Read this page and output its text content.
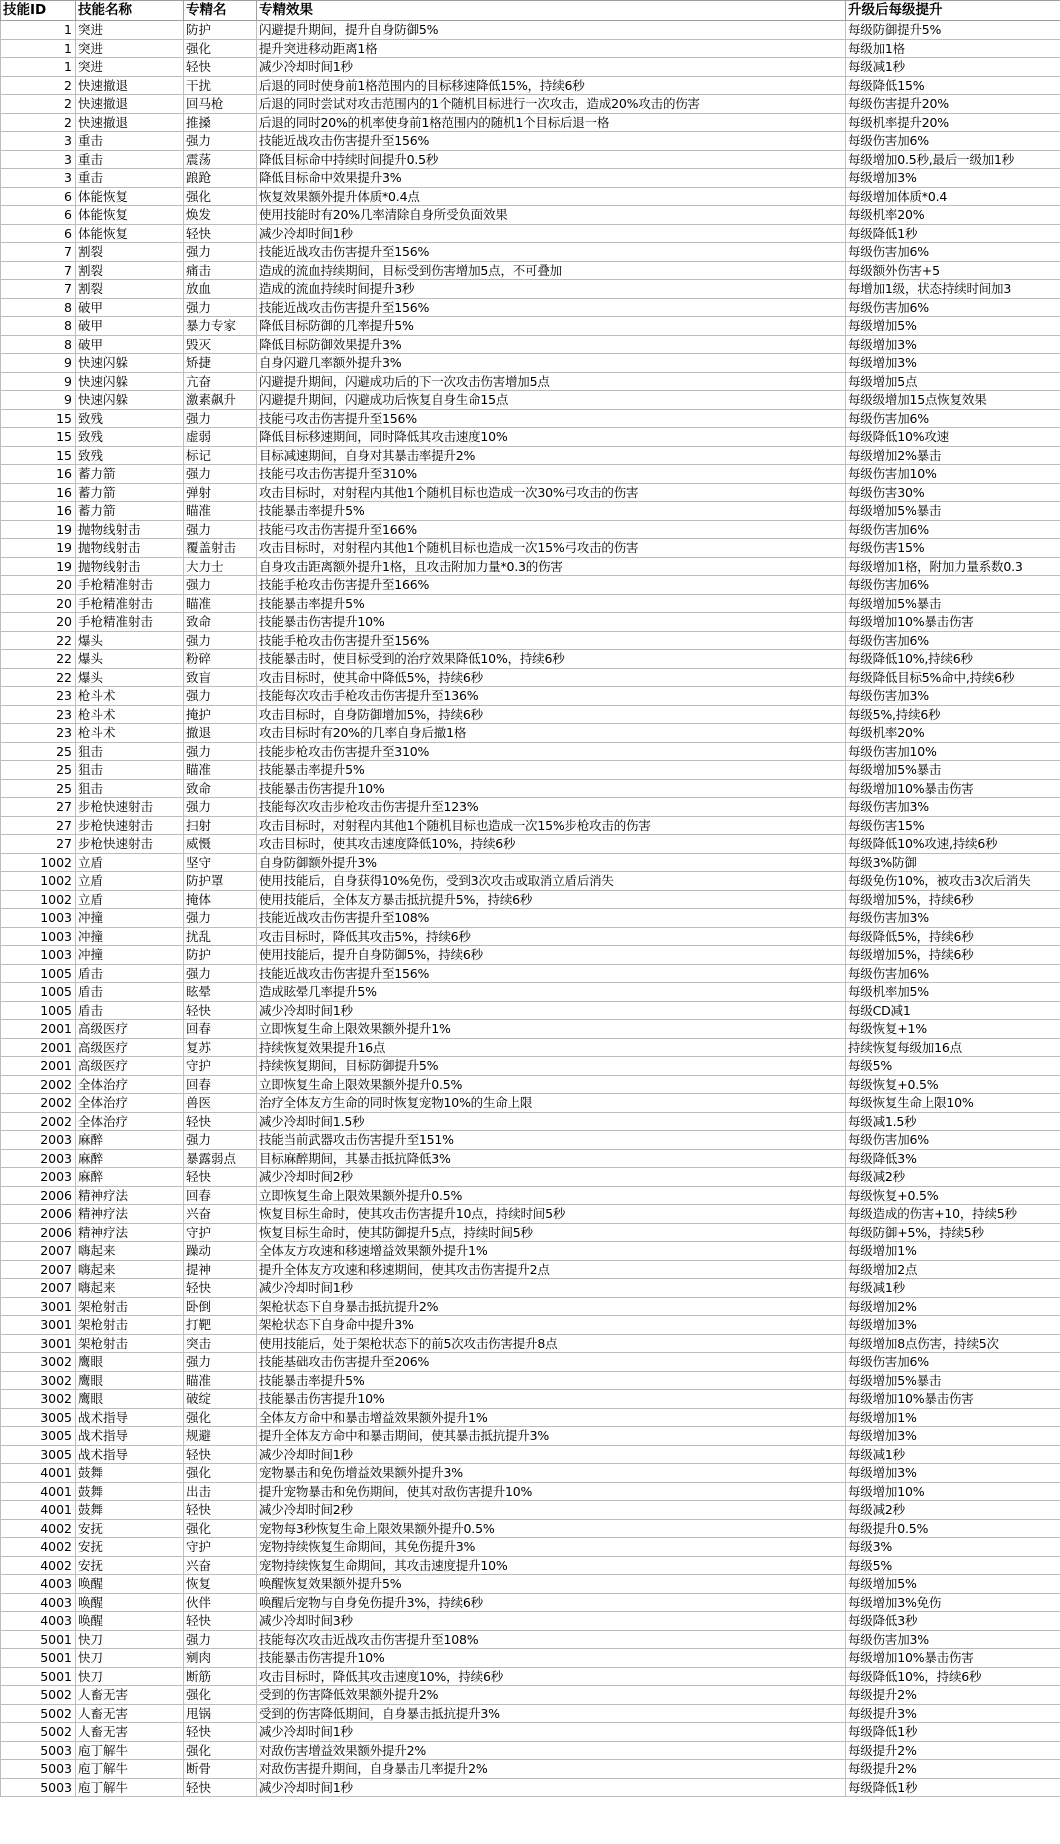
技能ID	技能名称	专精名	专精效果	升级后每级提升
1	突进	防护	闪避提升期间，提升自身防御5%	每级防御提升5%
1	突进	强化	提升突进移动距离1格	每级加1格
1	突进	轻快	减少冷却时间1秒	每级减1秒
2	快速撤退	干扰	后退的同时使身前1格范围内的目标移速降低15%，持续6秒	每级降低15%
2	快速撤退	回马枪	后退的同时尝试对攻击范围内的1个随机目标进行一次攻击，造成20%攻击的伤害	每级伤害提升20%
2	快速撤退	推搡	后退的同时20%的机率使身前1格范围内的随机1个目标后退一格	每级机率提升20%
3	重击	强力	技能近战攻击伤害提升至156%	每级伤害加6%
3	重击	震荡	降低目标命中持续时间提升0.5秒	每级增加0.5秒,最后一级加1秒
3	重击	踉跄	降低目标命中效果提升3%	每级增加3%
6	体能恢复	强化	恢复效果额外提升体质*0.4点	每级增加体质*0.4
6	体能恢复	焕发	使用技能时有20%几率清除自身所受负面效果	每级机率20%
6	体能恢复	轻快	减少冷却时间1秒	每级降低1秒
7	割裂	强力	技能近战攻击伤害提升至156%	每级伤害加6%
7	割裂	痛击	造成的流血持续期间，目标受到伤害增加5点，不可叠加	每级额外伤害+5
7	割裂	放血	造成的流血持续时间提升3秒	每增加1级，状态持续时间加3
8	破甲	强力	技能近战攻击伤害提升至156%	每级伤害加6%
8	破甲	暴力专家	降低目标防御的几率提升5%	每级增加5%
8	破甲	毁灭	降低目标防御效果提升3%	每级增加3%
9	快速闪躲	矫捷	自身闪避几率额外提升3%	每级增加3%
9	快速闪躲	亢奋	闪避提升期间，闪避成功后的下一次攻击伤害增加5点	每级增加5点
9	快速闪躲	激素飙升	闪避提升期间，闪避成功后恢复自身生命15点	每级级增加15点恢复效果
15	致残	强力	技能弓攻击伤害提升至156%	每级伤害加6%
15	致残	虚弱	降低目标移速期间，同时降低其攻击速度10%	每级降低10%攻速
15	致残	标记	目标减速期间，自身对其暴击率提升2%	每级增加2%暴击
16	蓄力箭	强力	技能弓攻击伤害提升至310%	每级伤害加10%
16	蓄力箭	弹射	攻击目标时，对射程内其他1个随机目标也造成一次30%弓攻击的伤害	每级伤害30%
16	蓄力箭	瞄准	技能暴击率提升5%	每级增加5%暴击
19	抛物线射击	强力	技能弓攻击伤害提升至166%	每级伤害加6%
19	抛物线射击	覆盖射击	攻击目标时，对射程内其他1个随机目标也造成一次15%弓攻击的伤害	每级伤害15%
19	抛物线射击	大力士	自身攻击距离额外提升1格，且攻击附加力量*0.3的伤害	每级增加1格，附加力量系数0.3
20	手枪精准射击	强力	技能手枪攻击伤害提升至166%	每级伤害加6%
20	手枪精准射击	瞄准	技能暴击率提升5%	每级增加5%暴击
20	手枪精准射击	致命	技能暴击伤害提升10%	每级增加10%暴击伤害
22	爆头	强力	技能手枪攻击伤害提升至156%	每级伤害加6%
22	爆头	粉碎	技能暴击时，使目标受到的治疗效果降低10%，持续6秒	每级降低10%,持续6秒
22	爆头	致盲	攻击目标时，使其命中降低5%，持续6秒	每级降低目标5%命中,持续6秒
23	枪斗术	强力	技能每次攻击手枪攻击伤害提升至136%	每级伤害加3%
23	枪斗术	掩护	攻击目标时，自身防御增加5%，持续6秒	每级5%,持续6秒
23	枪斗术	撤退	攻击目标时有20%的几率自身后撤1格	每级机率20%
25	狙击	强力	技能步枪攻击伤害提升至310%	每级伤害加10%
25	狙击	瞄准	技能暴击率提升5%	每级增加5%暴击
25	狙击	致命	技能暴击伤害提升10%	每级增加10%暴击伤害
27	步枪快速射击	强力	技能每次攻击步枪攻击伤害提升至123%	每级伤害加3%
27	步枪快速射击	扫射	攻击目标时，对射程内其他1个随机目标也造成一次15%步枪攻击的伤害	每级伤害15%
27	步枪快速射击	威慑	攻击目标时，使其攻击速度降低10%，持续6秒	每级降低10%攻速,持续6秒
1002	立盾	坚守	自身防御额外提升3%	每级3%防御
1002	立盾	防护罩	使用技能后，自身获得10%免伤，受到3次攻击或取消立盾后消失	每级免伤10%，被攻击3次后消失
1002	立盾	掩体	使用技能后，全体友方暴击抵抗提升5%，持续6秒	每级增加5%，持续6秒
1003	冲撞	强力	技能近战攻击伤害提升至108%	每级伤害加3%
1003	冲撞	扰乱	攻击目标时，降低其攻击5%，持续6秒	每级降低5%，持续6秒
1003	冲撞	防护	使用技能后，提升自身防御5%，持续6秒	每级增加5%，持续6秒
1005	盾击	强力	技能近战攻击伤害提升至156%	每级伤害加6%
1005	盾击	眩晕	造成眩晕几率提升5%	每级机率加5%
1005	盾击	轻快	减少冷却时间1秒	每级CD减1
2001	高级医疗	回春	立即恢复生命上限效果额外提升1%	每级恢复+1%
2001	高级医疗	复苏	持续恢复效果提升16点	持续恢复每级加16点
2001	高级医疗	守护	持续恢复期间，目标防御提升5%	每级5%
2002	全体治疗	回春	立即恢复生命上限效果额外提升0.5%	每级恢复+0.5%
2002	全体治疗	兽医	治疗全体友方生命的同时恢复宠物10%的生命上限	每级恢复生命上限10%
2002	全体治疗	轻快	减少冷却时间1.5秒	每级减1.5秒
2003	麻醉	强力	技能当前武器攻击伤害提升至151%	每级伤害加6%
2003	麻醉	暴露弱点	目标麻醉期间，其暴击抵抗降低3%	每级降低3%
2003	麻醉	轻快	减少冷却时间2秒	每级减2秒
2006	精神疗法	回春	立即恢复生命上限效果额外提升0.5%	每级恢复+0.5%
2006	精神疗法	兴奋	恢复目标生命时，使其攻击伤害提升10点，持续时间5秒	每级造成的伤害+10，持续5秒
2006	精神疗法	守护	恢复目标生命时，使其防御提升5点，持续时间5秒	每级防御+5%，持续5秒
2007	嗨起来	躁动	全体友方攻速和移速增益效果额外提升1%	每级增加1%
2007	嗨起来	提神	提升全体友方攻速和移速期间，使其攻击伤害提升2点	每级增加2点
2007	嗨起来	轻快	减少冷却时间1秒	每级减1秒
3001	架枪射击	卧倒	架枪状态下自身暴击抵抗提升2%	每级增加2%
3001	架枪射击	打靶	架枪状态下自身命中提升3%	每级增加3%
3001	架枪射击	突击	使用技能后，处于架枪状态下的前5次攻击伤害提升8点	每级增加8点伤害，持续5次
3002	鹰眼	强力	技能基础攻击伤害提升至206%	每级伤害加6%
3002	鹰眼	瞄准	技能暴击率提升5%	每级增加5%暴击
3002	鹰眼	破绽	技能暴击伤害提升10%	每级增加10%暴击伤害
3005	战术指导	强化	全体友方命中和暴击增益效果额外提升1%	每级增加1%
3005	战术指导	规避	提升全体友方命中和暴击期间，使其暴击抵抗提升3%	每级增加3%
3005	战术指导	轻快	减少冷却时间1秒	每级减1秒
4001	鼓舞	强化	宠物暴击和免伤增益效果额外提升3%	每级增加3%
4001	鼓舞	出击	提升宠物暴击和免伤期间，使其对敌伤害提升10%	每级增加10%
4001	鼓舞	轻快	减少冷却时间2秒	每级减2秒
4002	安抚	强化	宠物每3秒恢复生命上限效果额外提升0.5%	每级提升0.5%
4002	安抚	守护	宠物持续恢复生命期间，其免伤提升3%	每级3%
4002	安抚	兴奋	宠物持续恢复生命期间，其攻击速度提升10%	每级5%
4003	唤醒	恢复	唤醒恢复效果额外提升5%	每级增加5%
4003	唤醒	伙伴	唤醒后宠物与自身免伤提升3%，持续6秒	每级增加3%免伤
4003	唤醒	轻快	减少冷却时间3秒	每级降低3秒
5001	快刀	强力	技能每次攻击近战攻击伤害提升至108%	每级伤害加3%
5001	快刀	剜肉	技能暴击伤害提升10%	每级增加10%暴击伤害
5001	快刀	断筋	攻击目标时，降低其攻击速度10%，持续6秒	每级降低10%，持续6秒
5002	人畜无害	强化	受到的伤害降低效果额外提升2%	每级提升2%
5002	人畜无害	甩锅	受到的伤害降低期间，自身暴击抵抗提升3%	每级提升3%
5002	人畜无害	轻快	减少冷却时间1秒	每级降低1秒
5003	庖丁解牛	强化	对敌伤害增益效果额外提升2%	每级提升2%
5003	庖丁解牛	断骨	对敌伤害提升期间，自身暴击几率提升2%	每级提升2%
5003	庖丁解牛	轻快	减少冷却时间1秒	每级降低1秒
